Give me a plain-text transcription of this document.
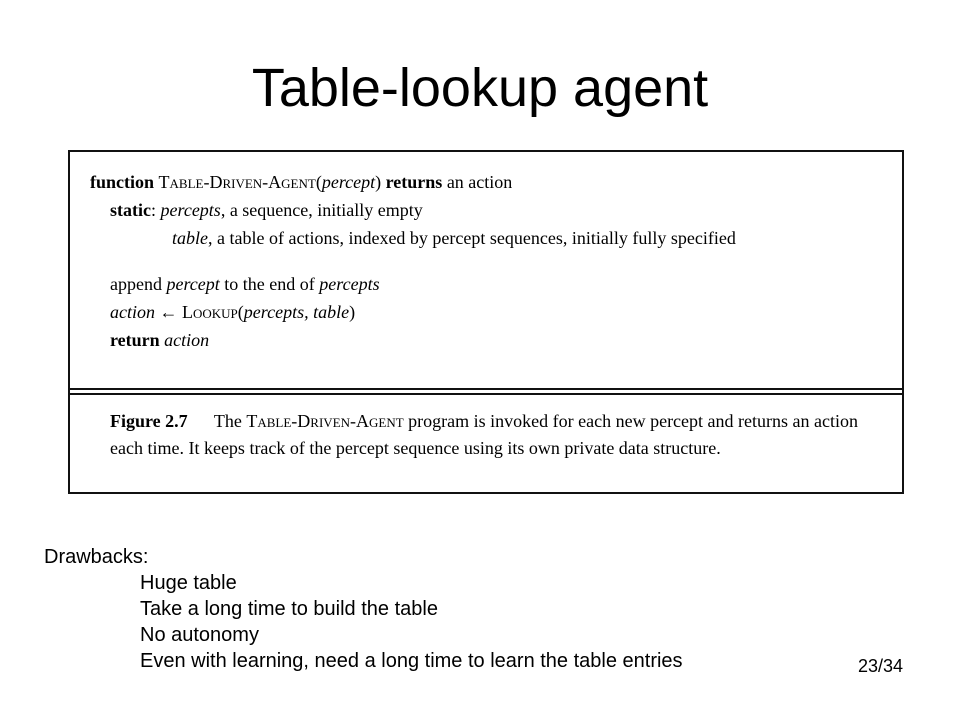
Table-lookup agent
function Table-Driven-Agent(percept) returns an action
static: percepts, a sequence, initially empty
table, a table of actions, indexed by percept sequences, initially fully specified
append percept to the end of percepts
action ← Lookup(percepts, table)
return action
Figure 2.7 The Table-Driven-Agent program is invoked for each new percept and returns an action each time. It keeps track of the percept sequence using its own private data structure.
Drawbacks:
Huge table
Take a long time to build the table
No autonomy
Even with learning, need a long time to learn the table entries	23/34
